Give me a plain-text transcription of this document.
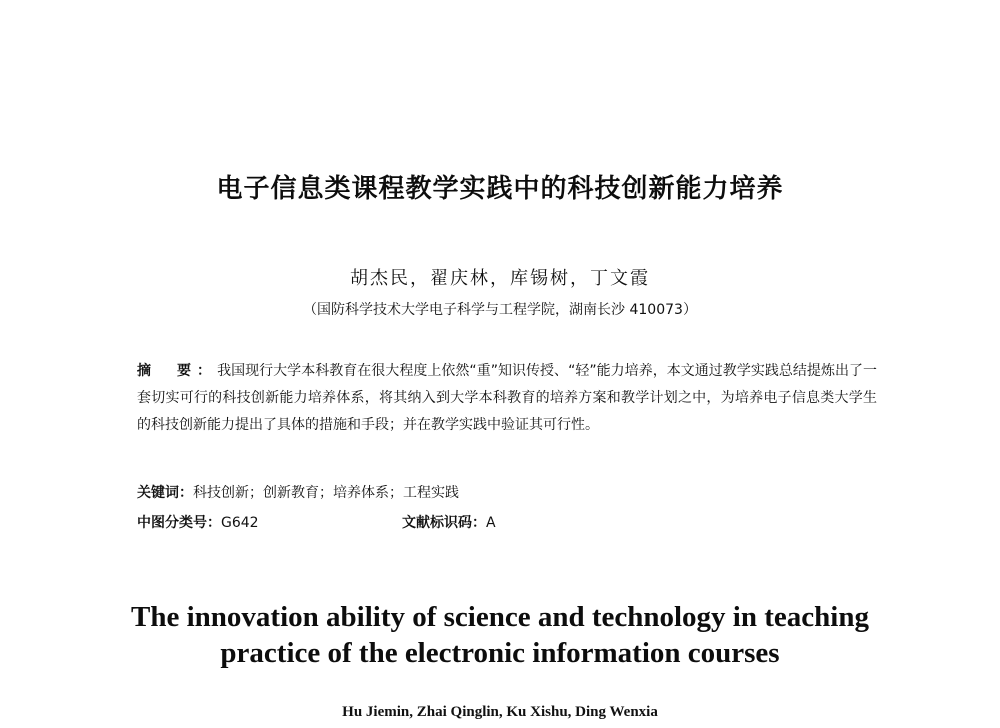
电子信息类课程教学实践中的科技创新能力培养
胡杰民，翟庆林，库锡树，丁文霞
（国防科学技术大学电子科学与工程学院，湖南长沙 410073）
摘　要：我国现行大学本科教育在很大程度上依然“重”知识传授、“轻”能力培养，本文通过教学实践总结提炼出了一套切实可行的科技创新能力培养体系，将其纳入到大学本科教育的培养方案和教学计划之中，为培养电子信息类大学生的科技创新能力提出了具体的措施和手段；并在教学实践中验证其可行性。
关键词：科技创新；创新教育；培养体系；工程实践
中图分类号：G642	文献标识码：A
The innovation ability of science and technology in teaching
practice of the electronic information courses
Hu Jiemin, Zhai Qinglin, Ku Xishu, Ding Wenxia
